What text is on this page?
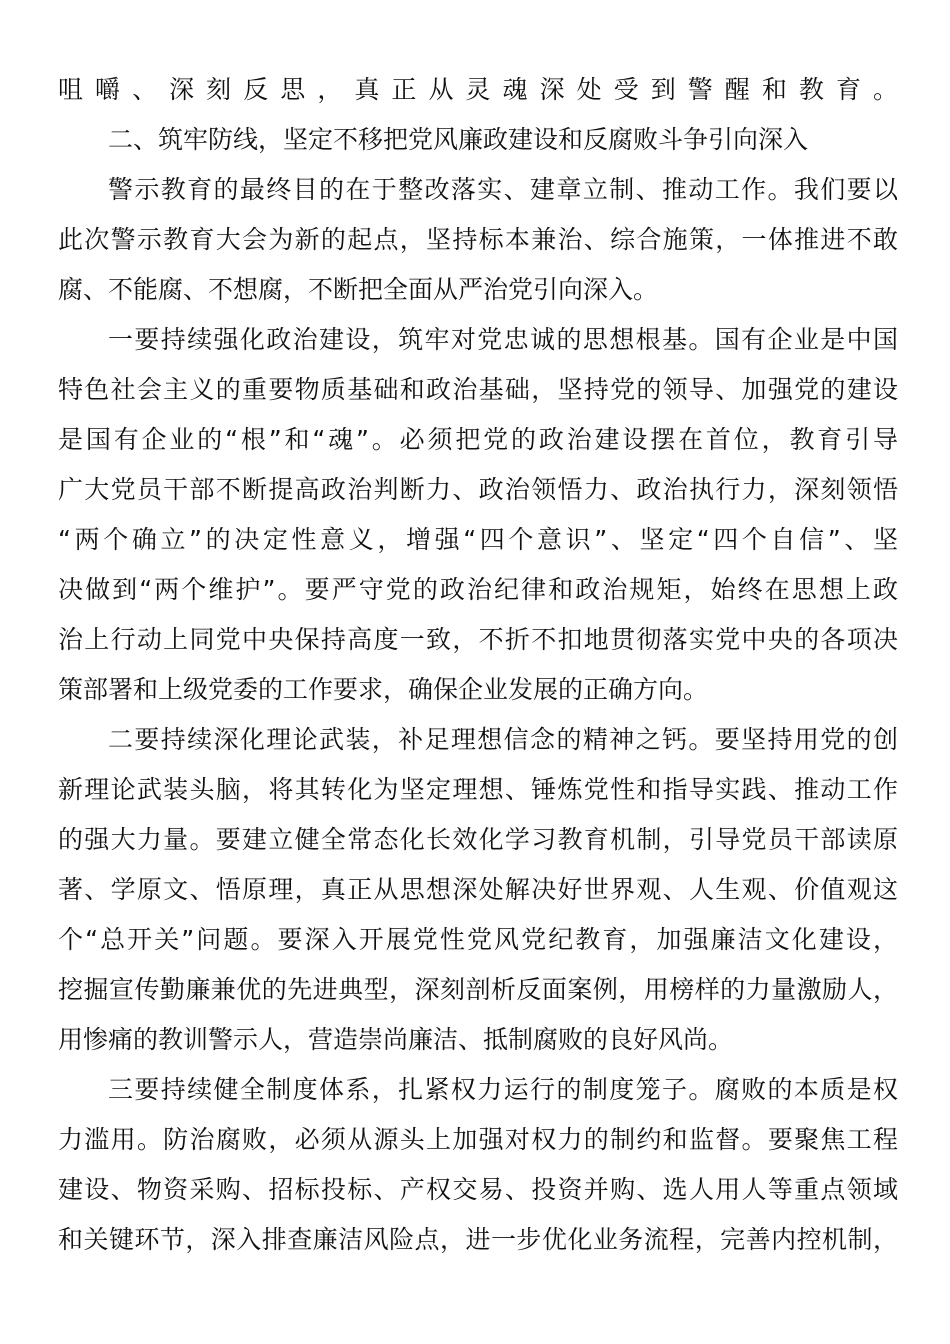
咀嚼、深刻反思，真正从灵魂深处受到警醒和教育。
二、筑牢防线，坚定不移把党风廉政建设和反腐败斗争引向深入
警示教育的最终目的在于整改落实、建章立制、推动工作。我们要以
此次警示教育大会为新的起点，坚持标本兼治、综合施策，一体推进不敢
腐、不能腐、不想腐，不断把全面从严治党引向深入。
一要持续强化政治建设，筑牢对党忠诚的思想根基。国有企业是中国
特色社会主义的重要物质基础和政治基础，坚持党的领导、加强党的建设
是国有企业的“根”和“魂”。必须把党的政治建设摆在首位，教育引导
广大党员干部不断提高政治判断力、政治领悟力、政治执行力，深刻领悟
“两个确立”的决定性意义，增强“四个意识”、坚定“四个自信”、坚
决做到“两个维护”。要严守党的政治纪律和政治规矩，始终在思想上政
治上行动上同党中央保持高度一致，不折不扣地贯彻落实党中央的各项决
策部署和上级党委的工作要求，确保企业发展的正确方向。
二要持续深化理论武装，补足理想信念的精神之钙。要坚持用党的创
新理论武装头脑，将其转化为坚定理想、锤炼党性和指导实践、推动工作
的强大力量。要建立健全常态化长效化学习教育机制，引导党员干部读原
著、学原文、悟原理，真正从思想深处解决好世界观、人生观、价值观这
个“总开关”问题。要深入开展党性党风党纪教育，加强廉洁文化建设，
挖掘宣传勤廉兼优的先进典型，深刻剖析反面案例，用榜样的力量激励人，
用惨痛的教训警示人，营造崇尚廉洁、抵制腐败的良好风尚。
三要持续健全制度体系，扎紧权力运行的制度笼子。腐败的本质是权
力滥用。防治腐败，必须从源头上加强对权力的制约和监督。要聚焦工程
建设、物资采购、招标投标、产权交易、投资并购、选人用人等重点领域
和关键环节，深入排查廉洁风险点，进一步优化业务流程，完善内控机制，
